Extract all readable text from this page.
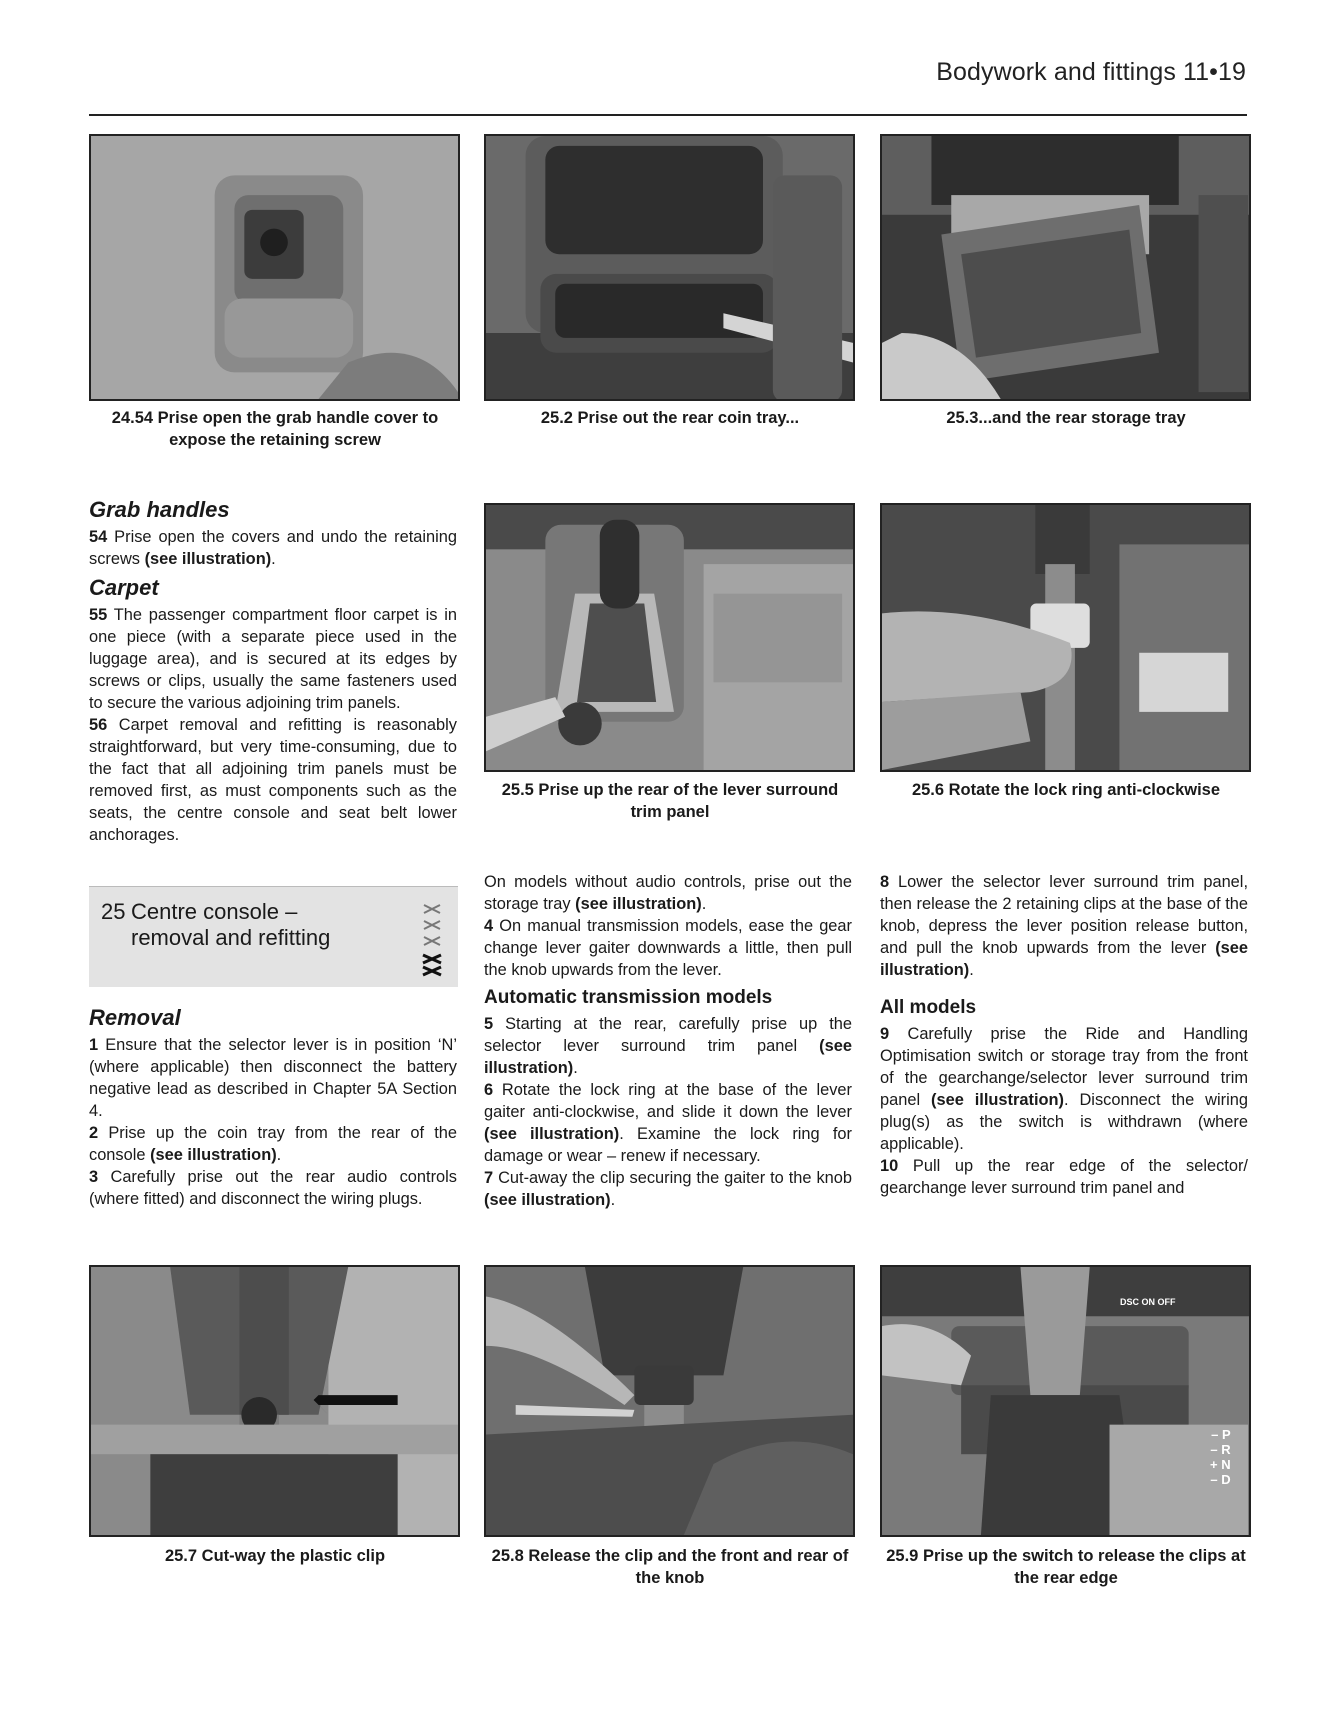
Bodywork and fittings 11•19
24.54 Prise open the grab handle cover to expose the retaining screw
25.2 Prise out the rear coin tray...	25.3...and the rear storage tray
25.5 Prise up the rear of the lever surround trim panel
25.6 Rotate the lock ring anti-clockwise
25.7 Cut-way the plastic clip	25.8 Release the clip and the front and rear of the knob
DSC ON OFF
– P
– R
+ N
– D
25.9 Prise up the switch to release the clips at the rear edge
Grab handles

54 Prise open the covers and undo the retaining screws (see illustration).

Carpet

55 The passenger compartment floor carpet is in one piece (with a separate piece used in the luggage area), and is secured at its edges by screws or clips, usually the same fasteners used to secure the various adjoining trim panels.

56 Carpet removal and refitting is reasonably straightforward, but very time-consuming, due to the fact that all adjoining trim panels must be removed first, as must components such as the seats, the centre console and seat belt lower anchorages.

25 Centre console –
removal and refitting
Removal

1 Ensure that the selector lever is in position ‘N’ (where applicable) then disconnect the battery negative lead as described in Chapter 5A Section 4.

2 Prise up the coin tray from the rear of the console (see illustration).

3 Carefully prise out the rear audio controls (where fitted) and disconnect the wiring plugs.

On models without audio controls, prise out the storage tray (see illustration).

4 On manual transmission models, ease the gear change lever gaiter downwards a little, then pull the knob upwards from the lever.

Automatic transmission models

5 Starting at the rear, carefully prise up the selector lever surround trim panel (see illustration).

6 Rotate the lock ring at the base of the lever gaiter anti-clockwise, and slide it down the lever (see illustration). Examine the lock ring for damage or wear – renew if necessary.

7 Cut-away the clip securing the gaiter to the knob (see illustration).

8 Lower the selector lever surround trim panel, then release the 2 retaining clips at the base of the knob, depress the lever position release button, and pull the knob upwards from the lever (see illustration).

All models

9 Carefully prise the Ride and Handling Optimisation switch or storage tray from the front of the gearchange/selector lever surround trim panel (see illustration). Disconnect the wiring plug(s) as the switch is withdrawn (where applicable).

10 Pull up the rear edge of the selector/ gearchange lever surround trim panel and
